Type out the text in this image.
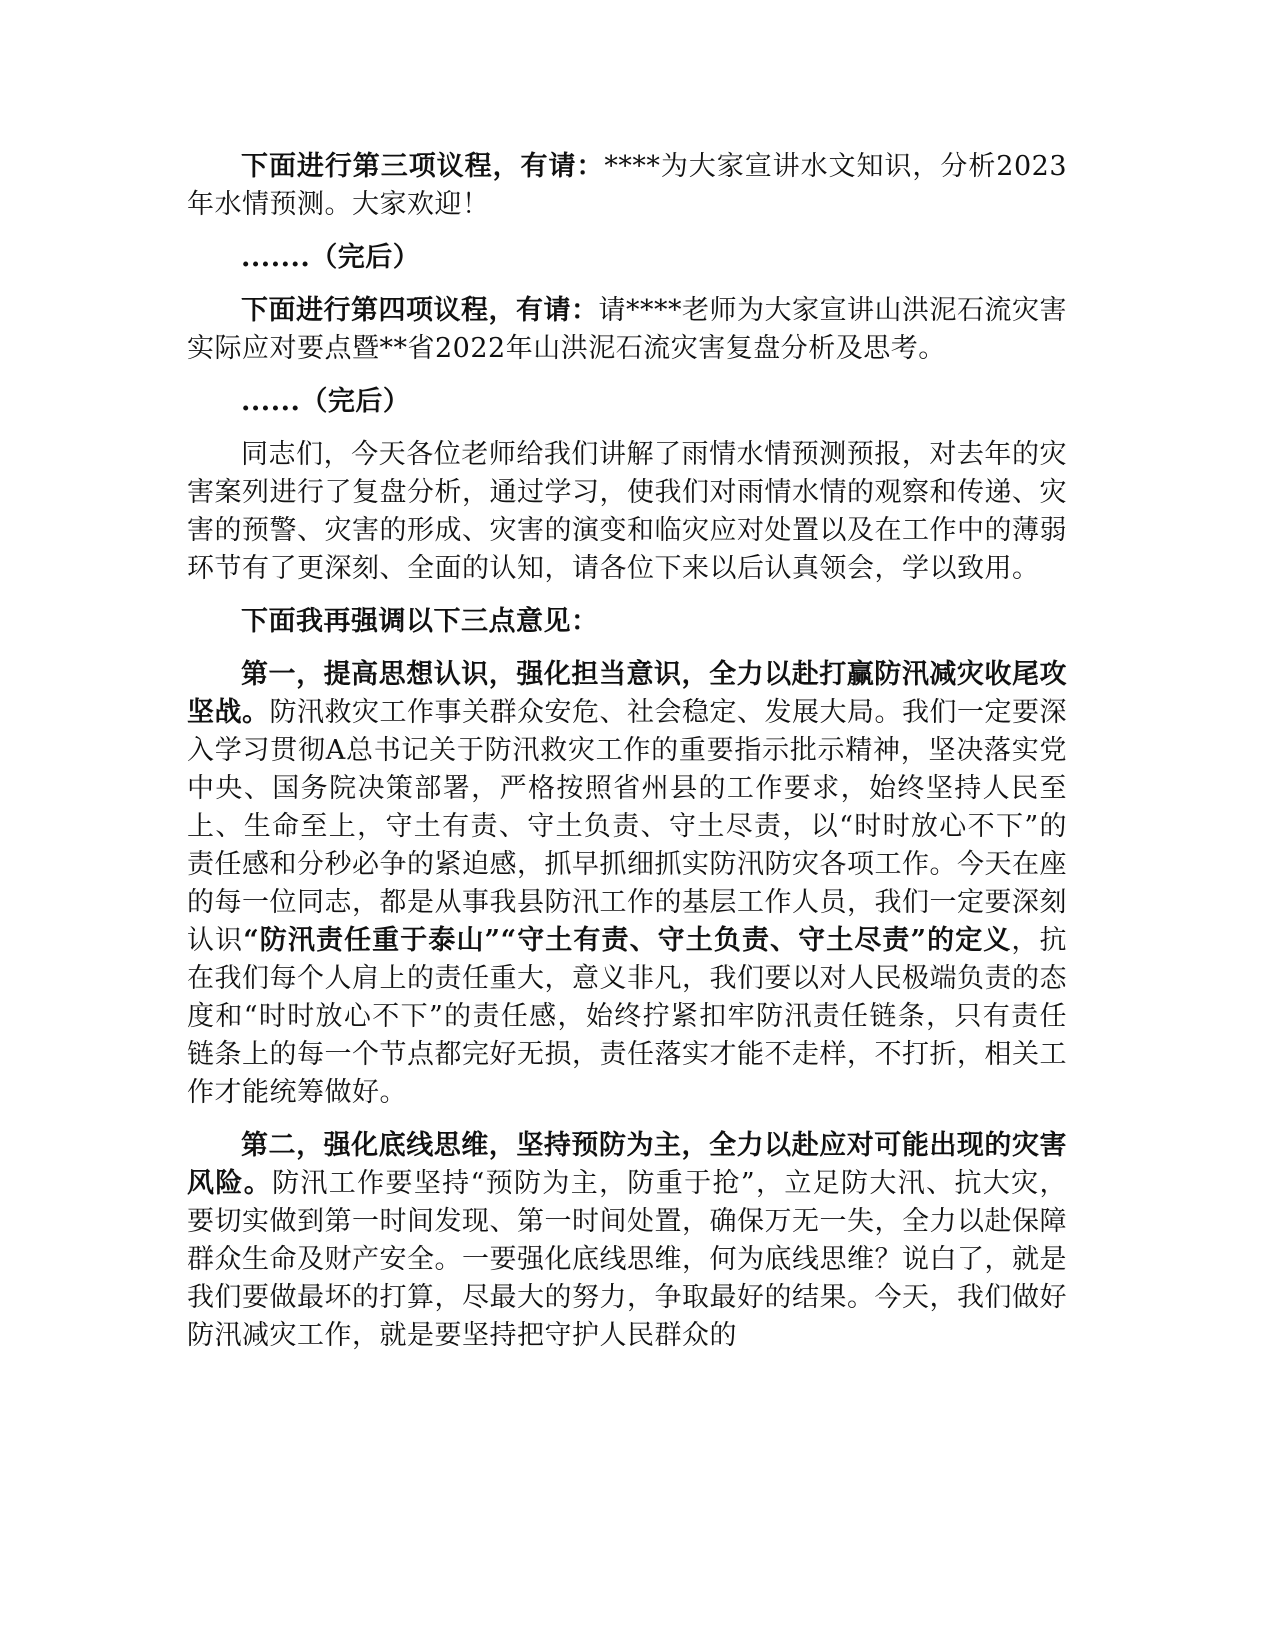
下面进行第三项议程，有请：****为大家宣讲水文知识，分析2023年水情预测。大家欢迎！

.......（完后）

下面进行第四项议程，有请：请****老师为大家宣讲山洪泥石流灾害实际应对要点暨**省2022年山洪泥石流灾害复盘分析及思考。

......（完后）

同志们，今天各位老师给我们讲解了雨情水情预测预报，对去年的灾害案列进行了复盘分析，通过学习，使我们对雨情水情的观察和传递、灾害的预警、灾害的形成、灾害的演变和临灾应对处置以及在工作中的薄弱环节有了更深刻、全面的认知，请各位下来以后认真领会，学以致用。

下面我再强调以下三点意见：

第一，提高思想认识，强化担当意识，全力以赴打赢防汛减灾收尾攻坚战。防汛救灾工作事关群众安危、社会稳定、发展大局。我们一定要深入学习贯彻A总书记关于防汛救灾工作的重要指示批示精神，坚决落实党中央、国务院决策部署，严格按照省州县的工作要求，始终坚持人民至上、生命至上，守土有责、守土负责、守土尽责，以“时时放心不下”的责任感和分秒必争的紧迫感，抓早抓细抓实防汛防灾各项工作。今天在座的每一位同志，都是从事我县防汛工作的基层工作人员，我们一定要深刻认识“防汛责任重于泰山”“守土有责、守土负责、守土尽责”的定义，抗在我们每个人肩上的责任重大，意义非凡，我们要以对人民极端负责的态度和“时时放心不下”的责任感，始终拧紧扣牢防汛责任链条，只有责任链条上的每一个节点都完好无损，责任落实才能不走样，不打折，相关工作才能统筹做好。

第二，强化底线思维，坚持预防为主，全力以赴应对可能出现的灾害风险。防汛工作要坚持“预防为主，防重于抢”，立足防大汛、抗大灾，要切实做到第一时间发现、第一时间处置，确保万无一失，全力以赴保障群众生命及财产安全。一要强化底线思维，何为底线思维？说白了，就是我们要做最坏的打算，尽最大的努力，争取最好的结果。今天，我们做好防汛减灾工作，就是要坚持把守护人民群众的
